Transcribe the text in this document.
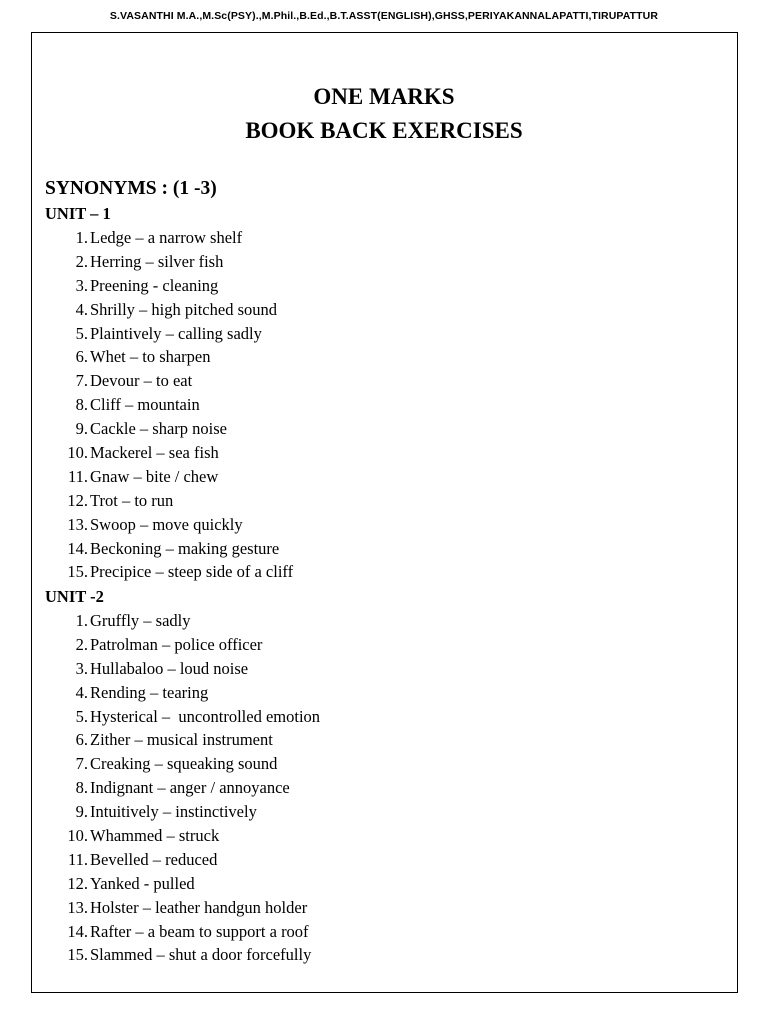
S.VASANTHI M.A.,M.Sc(PSY).,M.Phil.,B.Ed.,B.T.ASST(ENGLISH),GHSS,PERIYAKANNALAPATTI,TIRUPATTUR
ONE MARKS
BOOK BACK EXERCISES
SYNONYMS : (1 -3)
UNIT – 1
1. Ledge – a narrow shelf
2. Herring – silver fish
3. Preening - cleaning
4. Shrilly – high pitched sound
5. Plaintively – calling sadly
6. Whet – to sharpen
7. Devour – to eat
8. Cliff – mountain
9. Cackle – sharp noise
10. Mackerel – sea fish
11. Gnaw – bite / chew
12. Trot – to run
13. Swoop – move quickly
14. Beckoning – making gesture
15. Precipice – steep side of a cliff
UNIT -2
1. Gruffly – sadly
2. Patrolman – police officer
3. Hullabaloo – loud noise
4. Rending – tearing
5. Hysterical –  uncontrolled emotion
6. Zither – musical instrument
7. Creaking – squeaking sound
8. Indignant – anger / annoyance
9. Intuitively – instinctively
10. Whammed – struck
11. Bevelled – reduced
12. Yanked - pulled
13. Holster – leather handgun holder
14. Rafter – a beam to support a roof
15. Slammed – shut a door forcefully
